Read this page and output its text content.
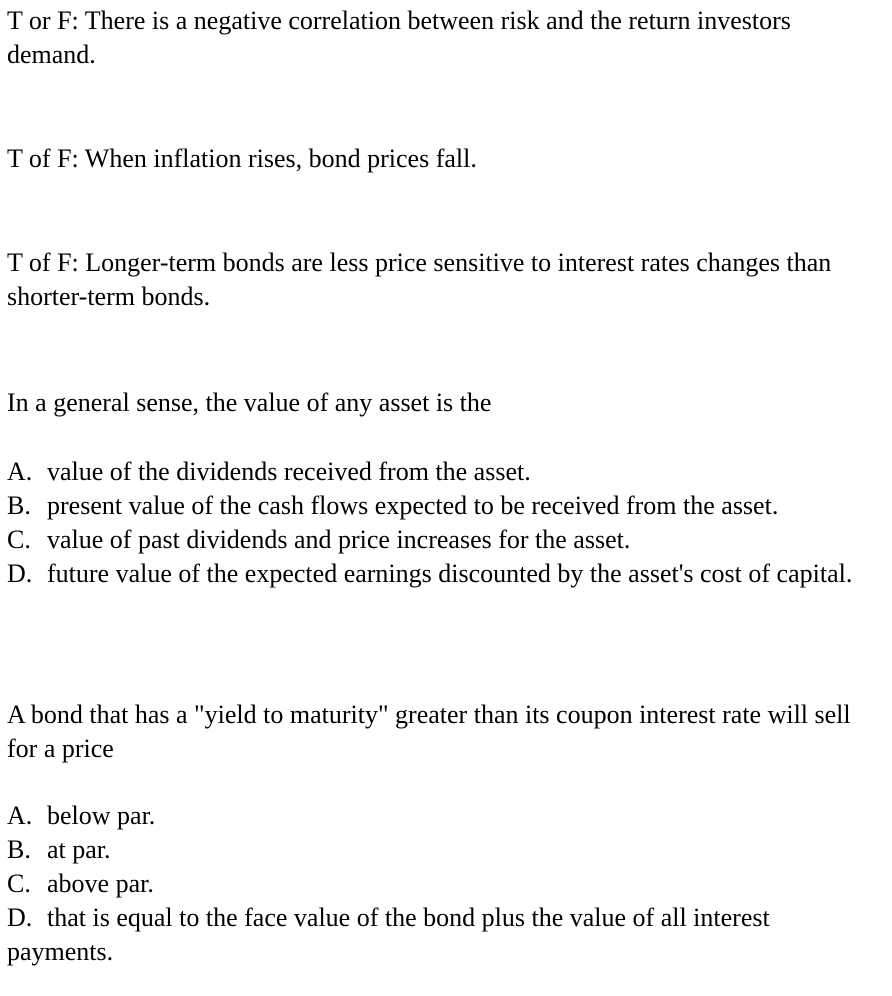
T or F: There is a negative correlation between risk and the return investors demand.

T of F: When inflation rises, bond prices fall.

T of F: Longer-term bonds are less price sensitive to interest rates changes than shorter-term bonds.

In a general sense, the value of any asset is the

A. value of the dividends received from the asset.
B. present value of the cash flows expected to be received from the asset.
C. value of past dividends and price increases for the asset.
D. future value of the expected earnings discounted by the asset's cost of capital.

A bond that has a "yield to maturity" greater than its coupon interest rate will sell for a price

A. below par.
B. at par.
C. above par.
D. that is equal to the face value of the bond plus the value of all interest payments.
